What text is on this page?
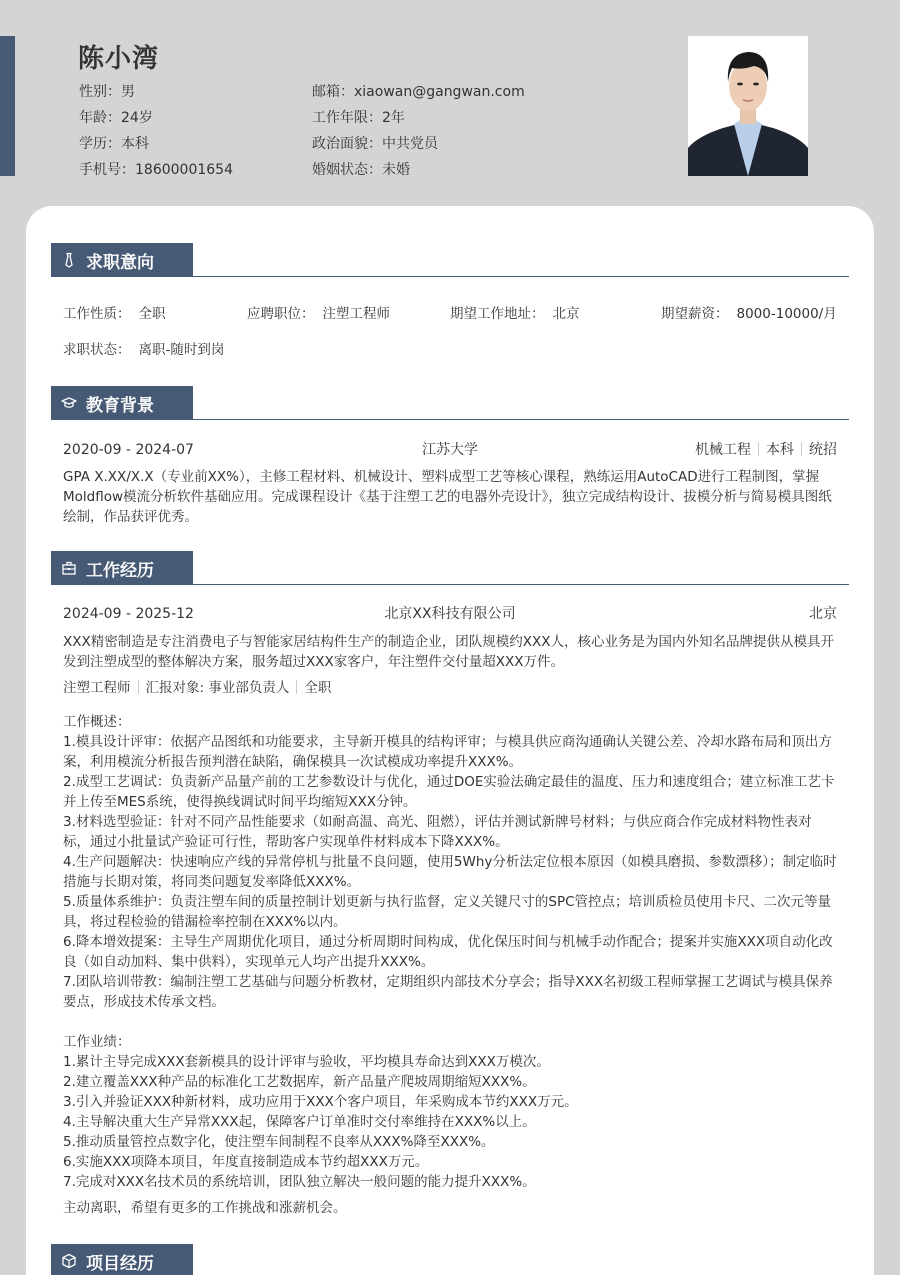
陈小湾
性别：男
年龄：24岁
学历：本科
手机号：18600001654
邮箱：xiaowan@gangwan.com
工作年限：2年
政治面貌：中共党员
婚姻状态：未婚
求职意向
工作性质： 全职	应聘职位： 注塑工程师	期望工作地址： 北京	期望薪资： 8000-10000/月
求职状态： 离职-随时到岗
教育背景
2020-09 - 2024-07	江苏大学	机械工程 本科 统招
GPA X.XX/X.X（专业前XX%），主修工程材料、机械设计、塑料成型工艺等核心课程，熟练运用AutoCAD进行工程制图，掌握Moldflow模流分析软件基础应用。完成课程设计《基于注塑工艺的电器外壳设计》，独立完成结构设计、拔模分析与简易模具图纸绘制，作品获评优秀。
工作经历
2024-09 - 2025-12	北京XX科技有限公司	北京
XXX精密制造是专注消费电子与智能家居结构件生产的制造企业，团队规模约XXX人，核心业务是为国内外知名品牌提供从模具开发到注塑成型的整体解决方案，服务超过XXX家客户，年注塑件交付量超XXX万件。
注塑工程师 汇报对象: 事业部负责人 全职
工作概述：
1.模具设计评审：依据产品图纸和功能要求，主导新开模具的结构评审；与模具供应商沟通确认关键公差、冷却水路布局和顶出方案，利用模流分析报告预判潜在缺陷，确保模具一次试模成功率提升XXX%。
2.成型工艺调试：负责新产品量产前的工艺参数设计与优化，通过DOE实验法确定最佳的温度、压力和速度组合；建立标准工艺卡并上传至MES系统，使得换线调试时间平均缩短XXX分钟。
3.材料选型验证：针对不同产品性能要求（如耐高温、高光、阻燃），评估并测试新牌号材料；与供应商合作完成材料物性表对标，通过小批量试产验证可行性，帮助客户实现单件材料成本下降XXX%。
4.生产问题解决：快速响应产线的异常停机与批量不良问题，使用5Why分析法定位根本原因（如模具磨损、参数漂移）；制定临时措施与长期对策，将同类问题复发率降低XXX%。
5.质量体系维护：负责注塑车间的质量控制计划更新与执行监督，定义关键尺寸的SPC管控点；培训质检员使用卡尺、二次元等量具，将过程检验的错漏检率控制在XXX%以内。
6.降本增效提案：主导生产周期优化项目，通过分析周期时间构成，优化保压时间与机械手动作配合；提案并实施XXX项自动化改良（如自动加料、集中供料），实现单元人均产出提升XXX%。
7.团队培训带教：编制注塑工艺基础与问题分析教材，定期组织内部技术分享会；指导XXX名初级工程师掌握工艺调试与模具保养要点，形成技术传承文档。
工作业绩：
1.累计主导完成XXX套新模具的设计评审与验收，平均模具寿命达到XXX万模次。
2.建立覆盖XXX种产品的标准化工艺数据库，新产品量产爬坡周期缩短XXX%。
3.引入并验证XXX种新材料，成功应用于XXX个客户项目，年采购成本节约XXX万元。
4.主导解决重大生产异常XXX起，保障客户订单准时交付率维持在XXX%以上。
5.推动质量管控点数字化，使注塑车间制程不良率从XXX%降至XXX%。
6.实施XXX项降本项目，年度直接制造成本节约超XXX万元。
7.完成对XXX名技术员的系统培训，团队独立解决一般问题的能力提升XXX%。
主动离职，希望有更多的工作挑战和涨薪机会。
项目经历
